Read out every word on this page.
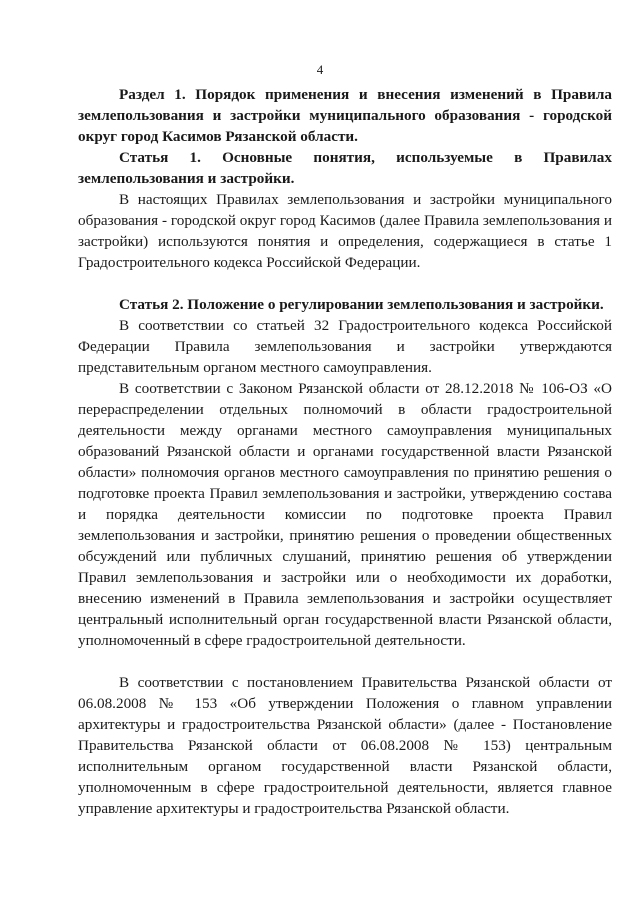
4

Раздел 1. Порядок применения и внесения изменений в Правила землепользования и застройки муниципального образования - городской округ город Касимов Рязанской области.

Статья 1. Основные понятия, используемые в Правилах землепользования и застройки.

В настоящих Правилах землепользования и застройки муниципального образования - городской округ город Касимов (далее Правила землепользования и застройки) используются понятия и определения, содержащиеся в статье 1 Градостроительного кодекса Российской Федерации.

Статья 2. Положение о регулировании землепользования и застройки.

В соответствии со статьей 32 Градостроительного кодекса Российской Федерации Правила землепользования и застройки утверждаются представительным органом местного самоуправления.

В соответствии с Законом Рязанской области от 28.12.2018 № 106-ОЗ «О перераспределении отдельных полномочий в области градостроительной деятельности между органами местного самоуправления муниципальных образований Рязанской области и органами государственной власти Рязанской области» полномочия органов местного самоуправления по принятию решения о подготовке проекта Правил землепользования и застройки, утверждению состава и порядка деятельности комиссии по подготовке проекта Правил землепользования и застройки, принятию решения о проведении общественных обсуждений или публичных слушаний, принятию решения об утверждении Правил землепользования и застройки или о необходимости их доработки, внесению изменений в Правила землепользования и застройки осуществляет центральный исполнительный орган государственной власти Рязанской области, уполномоченный в сфере градостроительной деятельности.

В соответствии с постановлением Правительства Рязанской области от 06.08.2008 № 153 «Об утверждении Положения о главном управлении архитектуры и градостроительства Рязанской области» (далее - Постановление Правительства Рязанской области от 06.08.2008 № 153) центральным исполнительным органом государственной власти Рязанской области, уполномоченным в сфере градостроительной деятельности, является главное управление архитектуры и градостроительства Рязанской области.
